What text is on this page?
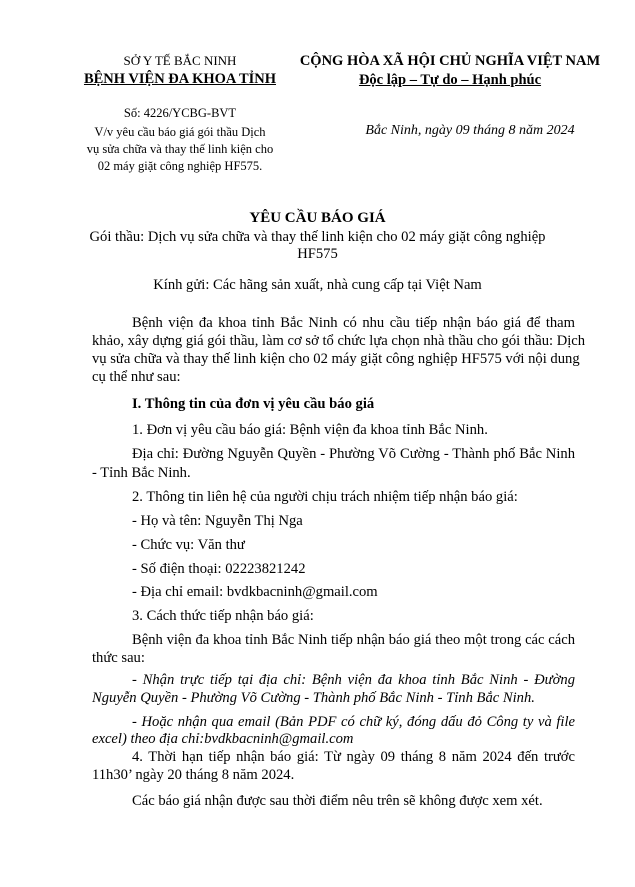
SỞ Y TẾ BẮC NINH
BỆNH VIỆN ĐA KHOA TỈNH
Số: 4226/YCBG-BVT
V/v yêu cầu báo giá gói thầu Dịch
vụ sửa chữa và thay thế linh kiện cho
02 máy giặt công nghiệp HF575.
CỘNG HÒA XÃ HỘI CHỦ NGHĨA VIỆT NAM
Độc lập – Tự do – Hạnh phúc
Bắc Ninh, ngày 09 tháng 8 năm 2024
YÊU CẦU BÁO GIÁ
Gói thầu: Dịch vụ sửa chữa và thay thế linh kiện cho 02 máy giặt công nghiệp
HF575
Kính gửi: Các hãng sản xuất, nhà cung cấp tại Việt Nam
Bệnh viện đa khoa tỉnh Bắc Ninh có nhu cầu tiếp nhận báo giá để tham
khảo, xây dựng giá gói thầu, làm cơ sở tổ chức lựa chọn nhà thầu cho gói thầu: Dịch
vụ sửa chữa và thay thế linh kiện cho 02 máy giặt công nghiệp HF575 với nội dung
cụ thể như sau:
I. Thông tin của đơn vị yêu cầu báo giá
1. Đơn vị yêu cầu báo giá: Bệnh viện đa khoa tỉnh Bắc Ninh.
Địa chỉ: Đường Nguyễn Quyền - Phường Võ Cường - Thành phố Bắc Ninh
- Tỉnh Bắc Ninh.
2. Thông tin liên hệ của người chịu trách nhiệm tiếp nhận báo giá:
- Họ và tên: Nguyễn Thị Nga
- Chức vụ: Văn thư
- Số điện thoại: 02223821242
- Địa chỉ email: bvdkbacninh@gmail.com
3. Cách thức tiếp nhận báo giá:
Bệnh viện đa khoa tỉnh Bắc Ninh tiếp nhận báo giá theo một trong các cách
thức sau:
- Nhận trực tiếp tại địa chỉ: Bệnh viện đa khoa tỉnh Bắc Ninh - Đường
Nguyễn Quyền - Phường Võ Cường - Thành phố Bắc Ninh - Tỉnh Bắc Ninh.
- Hoặc nhận qua email (Bản PDF có chữ ký, đóng dấu đỏ Công ty và file
excel) theo địa chỉ:bvdkbacninh@gmail.com
4. Thời hạn tiếp nhận báo giá: Từ ngày 09 tháng 8 năm 2024 đến trước
11h30’ ngày 20 tháng 8 năm 2024.
Các báo giá nhận được sau thời điểm nêu trên sẽ không được xem xét.
